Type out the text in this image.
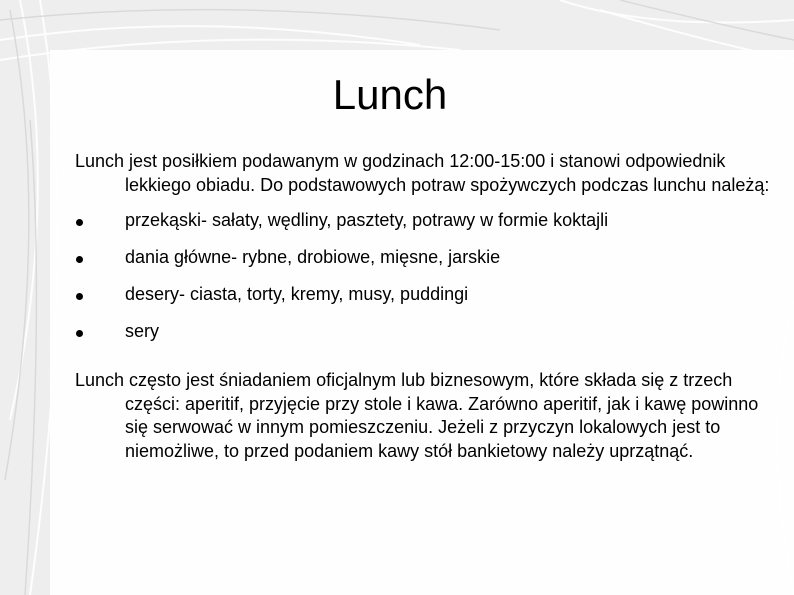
Lunch

Lunch jest posiłkiem podawanym w godzinach 12:00-15:00 i stanowi odpowiednik lekkiego obiadu. Do podstawowych potraw spożywczych podczas lunchu należą:

przekąski- sałaty, wędliny, pasztety, potrawy w formie koktajli
dania główne- rybne, drobiowe, mięsne, jarskie
desery- ciasta, torty, kremy, musy, puddingi
sery

Lunch często jest śniadaniem oficjalnym lub biznesowym, które składa się z trzech części: aperitif, przyjęcie przy stole i kawa. Zarówno aperitif, jak i kawę powinno się serwować w innym pomieszczeniu. Jeżeli z przyczyn lokalowych jest to niemożliwe, to przed podaniem kawy stół bankietowy należy uprzątnąć.
